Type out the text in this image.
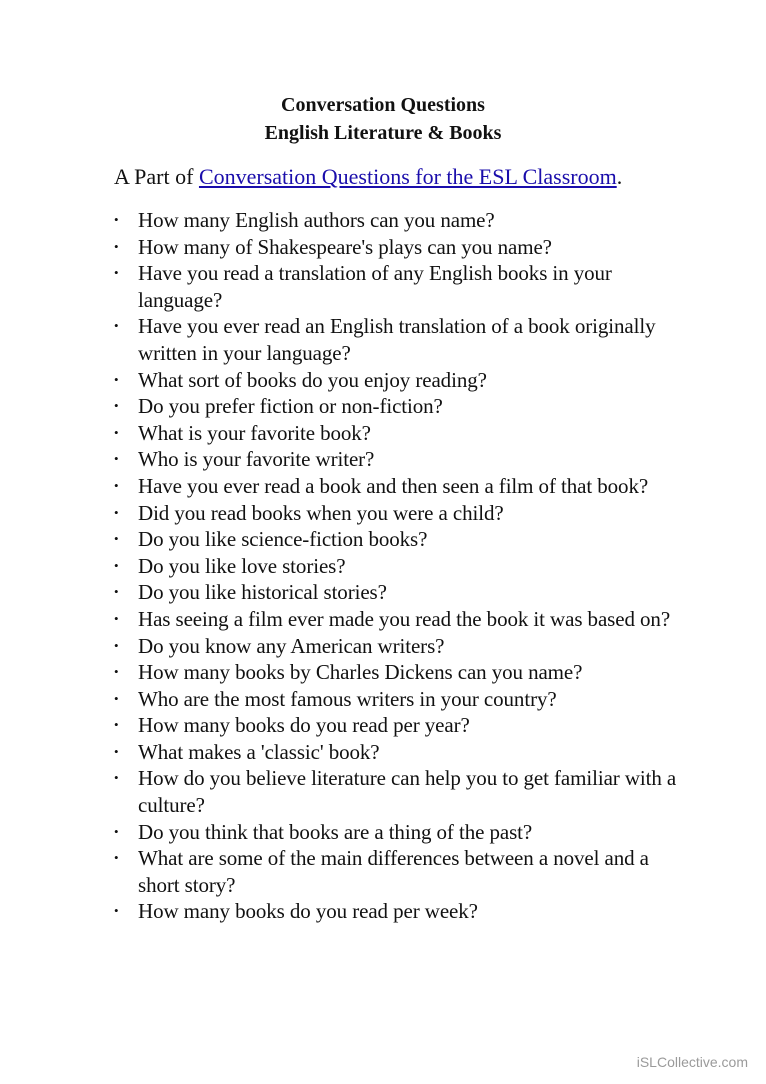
Conversation Questions
English Literature & Books
A Part of Conversation Questions for the ESL Classroom.
• How many English authors can you name?
• How many of Shakespeare's plays can you name?
• Have you read a translation of any English books in your language?
• Have you ever read an English translation of a book originally written in your language?
• What sort of books do you enjoy reading?
• Do you prefer fiction or non-fiction?
• What is your favorite book?
• Who is your favorite writer?
• Have you ever read a book and then seen a film of that book?
• Did you read books when you were a child?
• Do you like science-fiction books?
• Do you like love stories?
• Do you like historical stories?
• Has seeing a film ever made you read the book it was based on?
• Do you know any American writers?
• How many books by Charles Dickens can you name?
• Who are the most famous writers in your country?
• How many books do you read per year?
• What makes a 'classic' book?
• How do you believe literature can help you to get familiar with a culture?
• Do you think that books are a thing of the past?
• What are some of the main differences between a novel and a short story?
• How many books do you read per week?
iSLCollective.com
